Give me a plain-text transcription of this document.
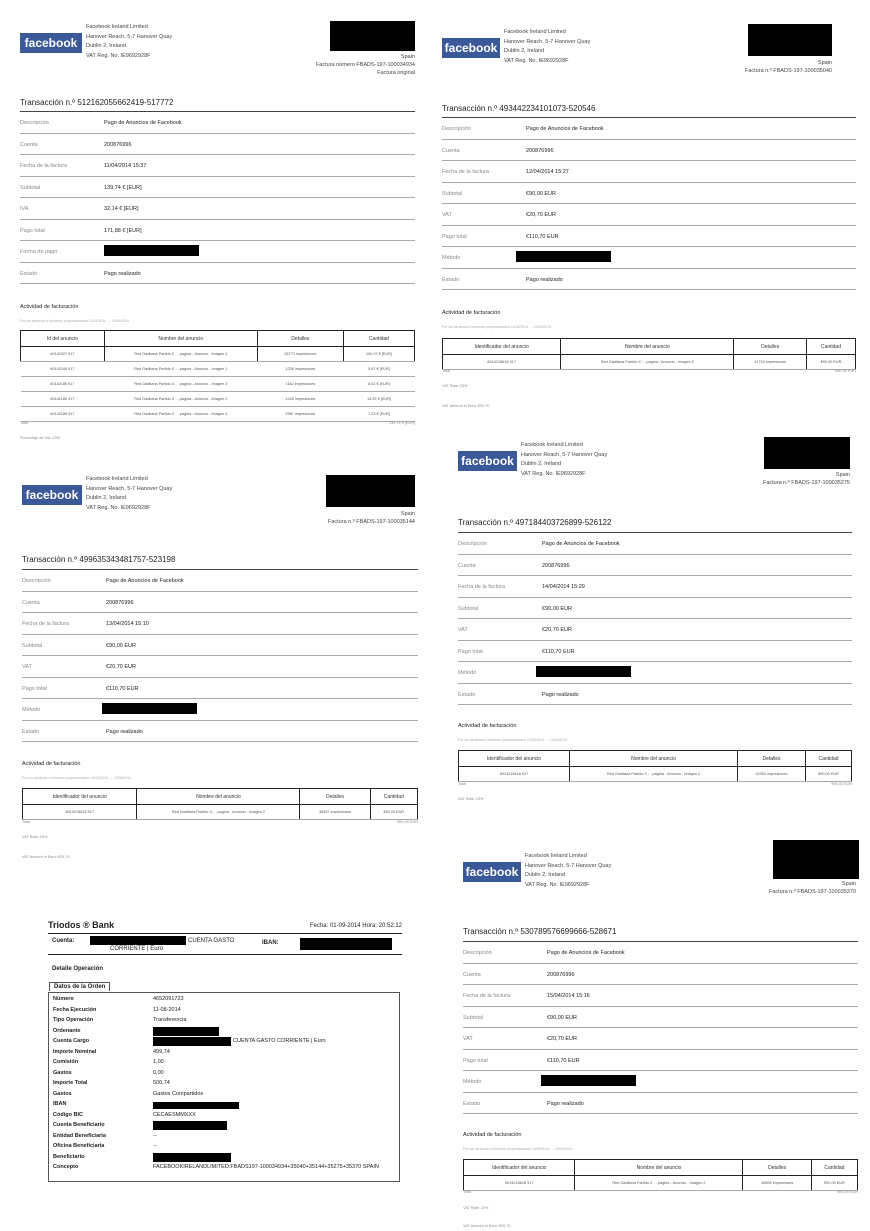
facebook
Facebook Ireland Limited
Hanover Reach, 5-7 Hanover Quay
Dublin 2, Ireland
VAT Reg. No. IE9692928F	Spain
Factura número FBADS-197-100034934
Factura original
Transacción n.º 512162055662419-517772
Descripción	Pago de Anuncios de Facebook
Cuenta	200876996
Fecha de la factura	11/04/2014 15:37
Subtotal	139,74 € [EUR]
IVA	32,14 € [EUR]
Pago total	171,88 € [EUR]
Forma de pago
Estado	Pago realizado
Actividad de facturación
Por los servicios e informes proporcionados 10/04/2014 → 11/04/2014
Id del anuncio	Nombre del anuncio	Detalles	Cantidad
60142427 917	Red Gaditana Partido X - ..pagina - Anuncio - Imagen 4	26773 impresiones	100,07 € [EUR]
60142186 917	Red Gaditana Partido X - ..pagina - Anuncio - Imagen 1	1228 impresiones	5,67 € [EUR]
60142186 917	Red Gaditana Partido X - ..pagina - Anuncio - Imagen 3	1182 impresiones	8,02 € [EUR]
60142186 917	Red Gaditana Partido X - ..pagina - Anuncio - Imagen 2	1228 impresiones	13,25 € [EUR]
60142186 917	Red Gaditana Partido X - ..pagina - Anuncio - Imagen 4	2987 impresiones	7,03 € [EUR]
Total	139,74 € [EUR]
Porcentaje de IVA: 23%
facebook
Facebook Ireland Limited
Hanover Reach, 5-7 Hanover Quay
Dublin 2, Ireland
VAT Reg. No. IE9692928F	Spain
Factura n.º FBADS-197-100035040
Transacción n.º 493442234101073-520546
Descripción	Pago de Anuncios de Facebook
Cuenta	200876996
Fecha de la factura	12/04/2014 15:27
Subtotal	€90,00 EUR
VAT	€20,70 EUR
Pago total	€110,70 EUR
Método
Estado	Pago realizado
Actividad de facturación
Por los servicios e informes proporcionados 11/04/2014 → 12/04/2014
Identificador del anuncio	Nombre del anuncio	Detalles	Cantidad
6014218618 917	Red Gaditana Partido X - ..pagina - Anuncio - Imagen 2	41715 impresiones	€90,00 EUR
Total	€90,00 EUR
VAT Rate: 23%
VAT Amount in Euro: €20,70
facebook
Facebook Ireland Limited
Hanover Reach, 5-7 Hanover Quay
Dublin 2, Ireland
VAT Reg. No. IE9692928F
Spain
Factura n.º FBADS-197-100035144
Transacción n.º 499635343481757-523198
Descripción	Pago de Anuncios de Facebook
Cuenta	200876996
Fecha de la factura	13/04/2014 15:10
Subtotal	€90,00 EUR
VAT	€20,70 EUR
Pago total	€110,70 EUR
Método
Estado	Pago realizado
Actividad de facturación
Por los servicios e informes proporcionados 12/04/2014 → 13/04/2014
Identificador del anuncio	Nombre del anuncio	Detalles	Cantidad
6014218618 917	Red Gaditana Partido X - ..pagina - Anuncio - Imagen 2	35467 impresiones	€90,00 EUR
Total	€90,00 EUR
VAT Rate: 23%
VAT Amount in Euro: €20,70
facebook
Facebook Ireland Limited
Hanover Reach, 5-7 Hanover Quay
Dublin 2, Ireland
VAT Reg. No. IE9692928F	Spain
Factura n.º FBADS-197-100035275
Transacción n.º 497184403726899-526122
Descripción	Pago de Anuncios de Facebook
Cuenta	200876996
Fecha de la factura	14/04/2014 15:29
Subtotal	€90,00 EUR
VAT	€20,70 EUR
Pago total	€110,70 EUR
Método
Estado	Pago realizado
Actividad de facturación
Por los servicios e informes proporcionados 13/04/2014 → 14/04/2014
Identificador del anuncio	Nombre del anuncio	Detalles	Cantidad
6014218618 917	Red Gaditana Partido X - ..pagina - Anuncio - Imagen 2	42354 impresiones	€90,00 EUR
Total	€90,00 EUR
VAT Rate: 23%
facebook
Facebook Ireland Limited
Hanover Reach, 5-7 Hanover Quay
Dublin 2, Ireland
VAT Reg. No. IE9692928F	Spain
Factura n.º FBADS-197-100035370
Transacción n.º 530789576699666-528671
Descripción	Pago de Anuncios de Facebook
Cuenta	200876996
Fecha de la factura	15/04/2014 15:16
Subtotal	€90,00 EUR
VAT	€20,70 EUR
Pago total	€110,70 EUR
Método
Estado	Pago realizado
Actividad de facturación
Por los servicios e informes proporcionados 14/04/2014 → 15/04/2014
Identificador del anuncio	Nombre del anuncio	Detalles	Cantidad
6014218618 917	Red Gaditana Partido X - ..pagina - Anuncio - Imagen 2	45695 impresiones	€90,00 EUR
Total	€90,00 EUR
VAT Rate: 23%
VAT Amount in Euro: €20,70
Triodos ® Bank	Fecha: 01-09-2014 Hora: 20:52:12
Cuenta:	CUENTA GASTO
CORRIENTE | Euro
IBAN:
Detalle Operación
Datos de la Orden
Número	4652091723
Fecha Ejecución	11-08-2014
Tipo Operación	Transferencia
Ordenante
Cuenta Cargo	CUENTA GASTO CORRIENTE | Euro
Importe Nominal	499,74
Comisión	1,00
Gastos	0,00
Importe Total	500,74
Gastos	Gastos Compartidos
IBAN
Código BIC	CECAESMMXXX
Cuenta Beneficiario
Entidad Beneficiaria	--
Oficina Beneficiaria	--
Beneficiario
Concepto	FACEBOOKIRELANDLIMITED:FBADS197-100034934+35040+35144+35275+35370 SPAIN
